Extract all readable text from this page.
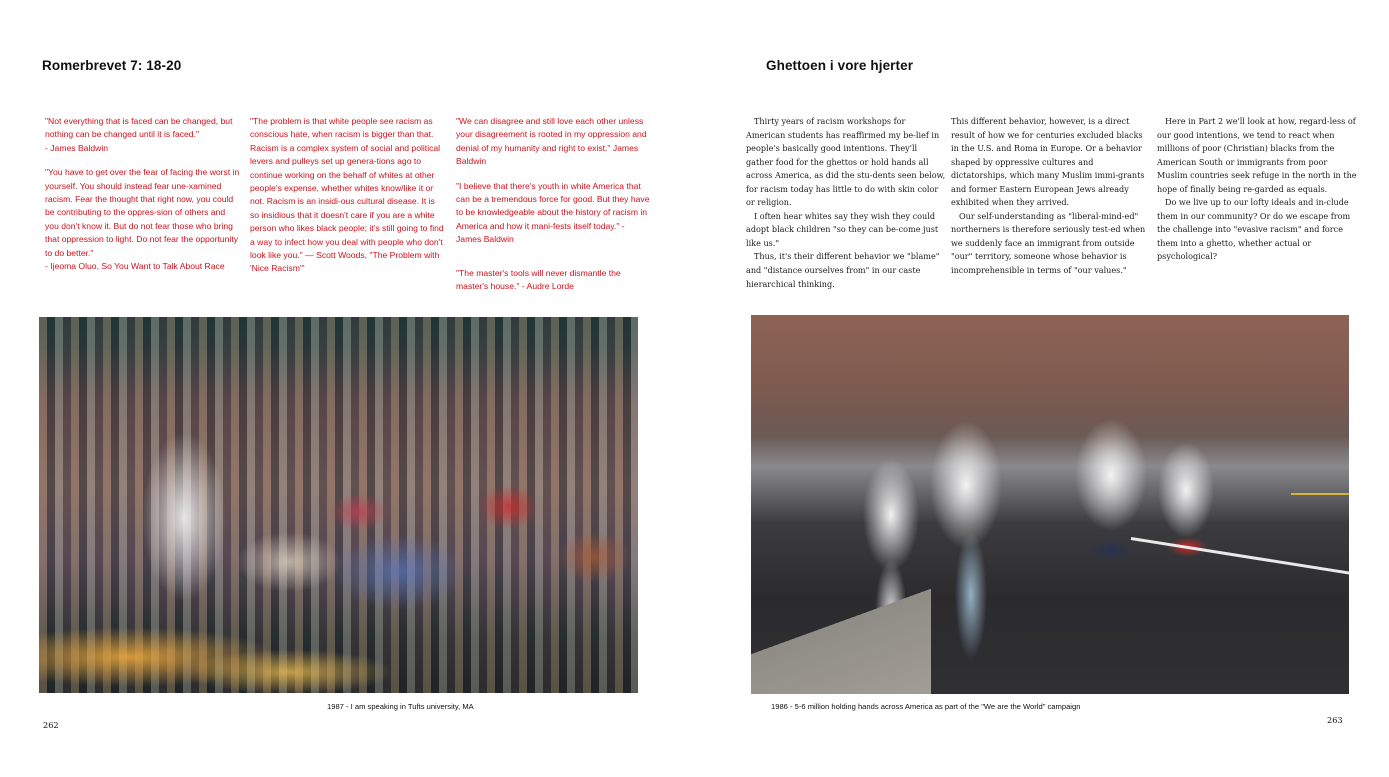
Romerbrevet 7: 18-20

"Not everything that is faced can be changed, but nothing can be changed until it is faced."
- James Baldwin

"You have to get over the fear of facing the worst in yourself. You should instead fear une-xamined racism. Fear the thought that right now, you could be contributing to the oppres-sion of others and you don't know it. But do not fear those who bring that oppression to light. Do not fear the opportunity to do better."
- Ijeoma Oluo, So You Want to Talk About Race

"The problem is that white people see racism as conscious hate, when racism is bigger than that. Racism is a complex system of social and political levers and pulleys set up genera-tions ago to continue working on the behalf of whites at other people's expense, whether whites know/like it or not. Racism is an insidi-ous cultural disease. It is so insidious that it doesn't care if you are a white person who likes black people; it's still going to find a way to infect how you deal with people who don't look like you." — Scott Woods, "The Problem with 'Nice Racism'"

"We can disagree and still love each other unless your disagreement is rooted in my oppression and denial of my humanity and right to exist." James Baldwin

"I believe that there's youth in white America that can be a tremendous force for good. But they have to be knowledgeable about the history of racism in America and how it mani-fests itself today." - James Baldwin

"The master's tools will never dismantle the master's house." - Audre Lorde

1987 - I am speaking in Tufts university, MA
262
Ghettoen i vore hjerter

Thirty years of racism workshops for American students has reaffirmed my be-lief in people's basically good intentions. They'll gather food for the ghettos or hold hands all across America, as did the stu-dents seen below, for racism today has little to do with skin color or religion.

I often hear whites say they wish they could adopt black children "so they can be-come just like us."

Thus, it's their different behavior we "blame" and "distance ourselves from" in our caste hierarchical thinking.

This different behavior, however, is a direct result of how we for centuries excluded blacks in the U.S. and Roma in Europe. Or a behavior shaped by oppressive cultures and dictatorships, which many Muslim immi-grants and former Eastern European Jews already exhibited when they arrived.

Our self-understanding as "liberal-mind-ed" northerners is therefore seriously test-ed when we suddenly face an immigrant from outside "our" territory, someone whose behavior is incomprehensible in terms of "our values."

Here in Part 2 we'll look at how, regard-less of our good intentions, we tend to react when millions of poor (Christian) blacks from the American South or immigrants from poor Muslim countries seek refuge in the north in the hope of finally being re-garded as equals.

Do we live up to our lofty ideals and in-clude them in our community? Or do we escape from the challenge into "evasive racism" and force them into a ghetto, whether actual or psychological?

1986 - 5-6 million holding hands across America as part of the "We are the World" campaign
263
